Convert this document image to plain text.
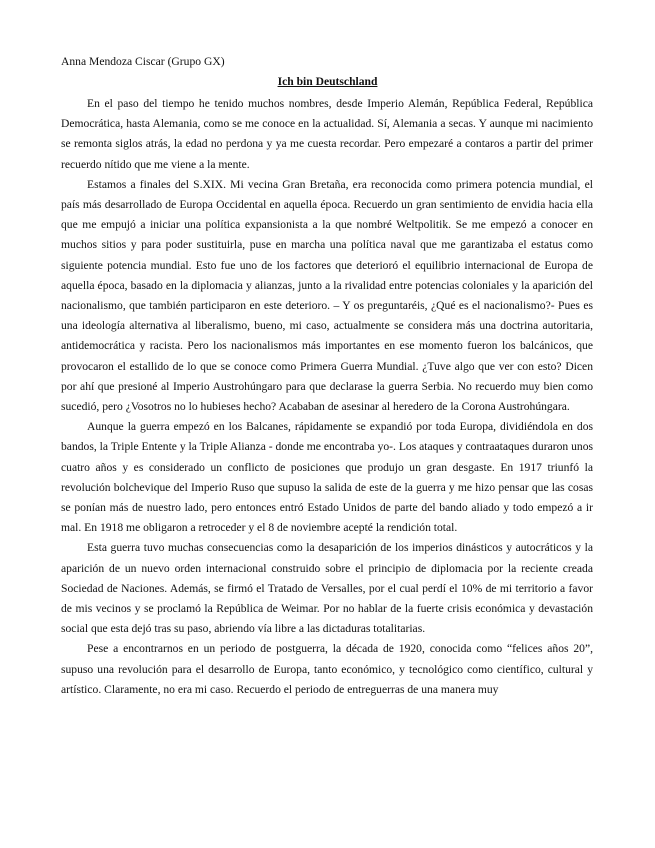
Anna Mendoza Ciscar (Grupo GX)
Ich bin Deutschland

En el paso del tiempo he tenido muchos nombres, desde Imperio Alemán, República Federal, República Democrática, hasta Alemania, como se me conoce en la actualidad. Sí, Alemania a secas. Y aunque mi nacimiento se remonta siglos atrás, la edad no perdona y ya me cuesta recordar. Pero empezaré a contaros a partir del primer recuerdo nítido que me viene a la mente.

Estamos a finales del S.XIX. Mi vecina Gran Bretaña, era reconocida como primera potencia mundial, el país más desarrollado de Europa Occidental en aquella época. Recuerdo un gran sentimiento de envidia hacia ella que me empujó a iniciar una política expansionista a la que nombré Weltpolitik. Se me empezó a conocer en muchos sitios y para poder sustituirla, puse en marcha una política naval que me garantizaba el estatus como siguiente potencia mundial. Esto fue uno de los factores que deterioró el equilibrio internacional de Europa de aquella época, basado en la diplomacia y alianzas, junto a la rivalidad entre potencias coloniales y la aparición del nacionalismo, que también participaron en este deterioro. – Y os preguntaréis, ¿Qué es el nacionalismo?- Pues es una ideología alternativa al liberalismo, bueno, mi caso, actualmente se considera más una doctrina autoritaria, antidemocrática y racista. Pero los nacionalismos más importantes en ese momento fueron los balcánicos, que provocaron el estallido de lo que se conoce como Primera Guerra Mundial. ¿Tuve algo que ver con esto? Dicen por ahí que presioné al Imperio Austrohúngaro para que declarase la guerra Serbia. No recuerdo muy bien como sucedió, pero ¿Vosotros no lo hubieses hecho? Acababan de asesinar al heredero de la Corona Austrohúngara.

Aunque la guerra empezó en los Balcanes, rápidamente se expandió por toda Europa, dividiéndola en dos bandos, la Triple Entente y la Triple Alianza - donde me encontraba yo-. Los ataques y contraataques duraron unos cuatro años y es considerado un conflicto de posiciones que produjo un gran desgaste. En 1917 triunfó la revolución bolchevique del Imperio Ruso que supuso la salida de este de la guerra y me hizo pensar que las cosas se ponían más de nuestro lado, pero entonces entró Estado Unidos de parte del bando aliado y todo empezó a ir mal. En 1918 me obligaron a retroceder y el 8 de noviembre acepté la rendición total.

Esta guerra tuvo muchas consecuencias como la desaparición de los imperios dinásticos y autocráticos y la aparición de un nuevo orden internacional construido sobre el principio de diplomacia por la reciente creada Sociedad de Naciones. Además, se firmó el Tratado de Versalles, por el cual perdí el 10% de mi territorio a favor de mis vecinos y se proclamó la República de Weimar. Por no hablar de la fuerte crisis económica y devastación social que esta dejó tras su paso, abriendo vía libre a las dictaduras totalitarias.

Pese a encontrarnos en un periodo de postguerra, la década de 1920, conocida como “felices años 20”, supuso una revolución para el desarrollo de Europa, tanto económico, y tecnológico como científico, cultural y artístico. Claramente, no era mi caso. Recuerdo el periodo de entreguerras de una manera muy
